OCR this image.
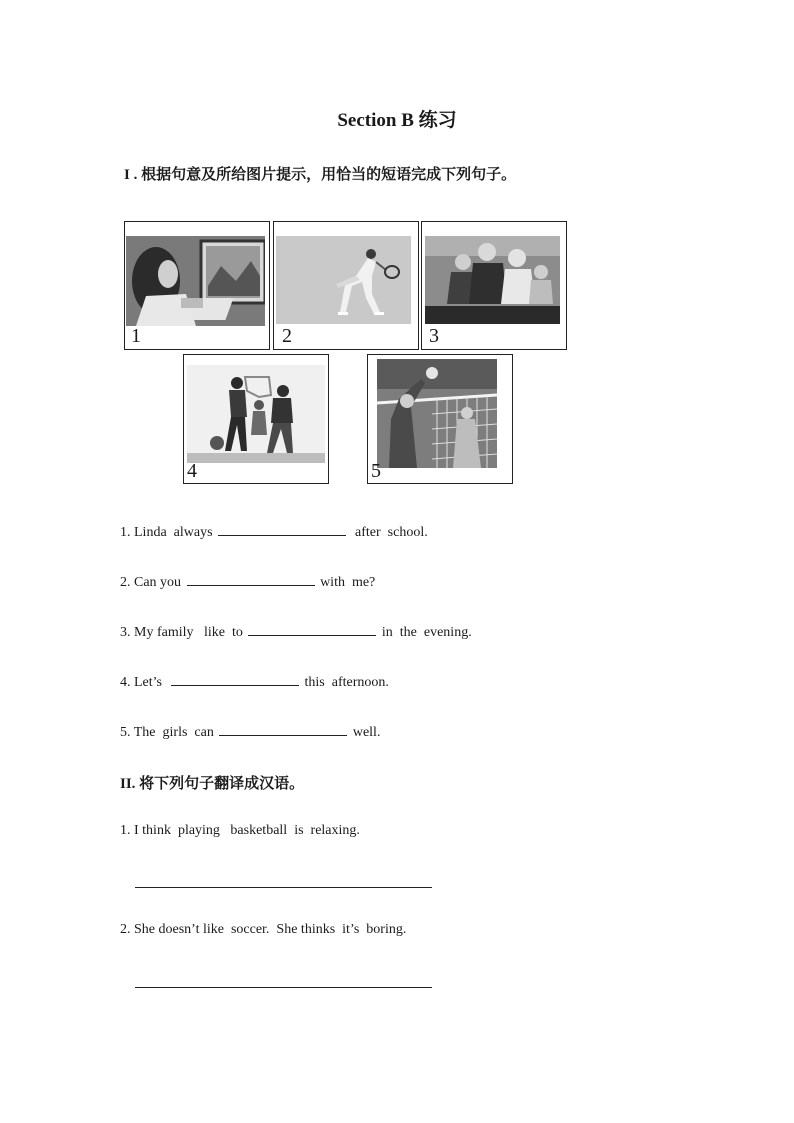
Section B 练习
I . 根据句意及所给图片提示，用恰当的短语完成下列句子。
1	2	3
4	5
1. Linda  always	after  school.
2. Can you	with  me?
3. My family   like  to	in  the  evening.
4. Let’s	this  afternoon.
5. The  girls  can	well.
II. 将下列句子翻译成汉语。
1. I think  playing   basketball  is  relaxing.
2. She doesn’t like  soccer.  She thinks  it’s  boring.
